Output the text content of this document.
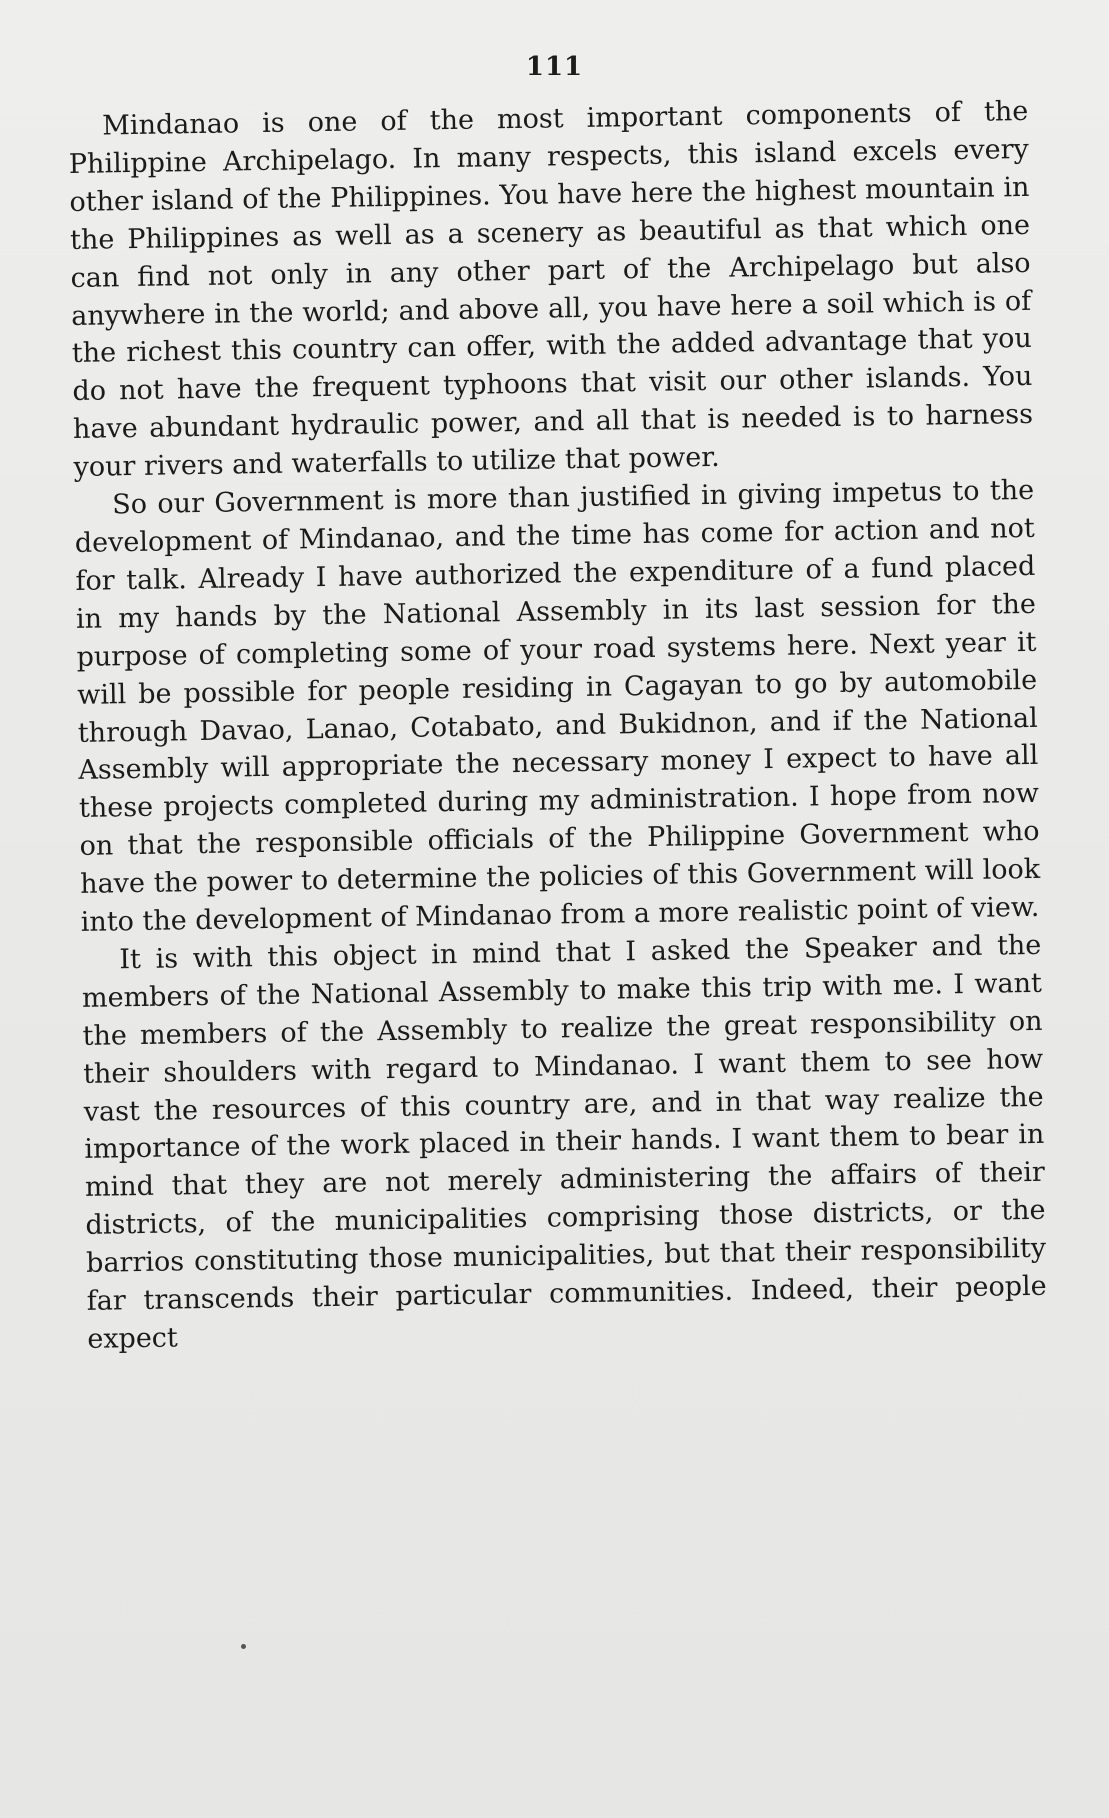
111

Mindanao is one of the most important components of the Philippine Archipelago. In many respects, this island excels every other island of the Philippines. You have here the highest mountain in the Philippines as well as a scenery as beautiful as that which one can find not only in any other part of the Archipelago but also anywhere in the world; and above all, you have here a soil which is of the richest this country can offer, with the added advantage that you do not have the frequent typhoons that visit our other islands. You have abundant hydraulic power, and all that is needed is to harness your rivers and waterfalls to utilize that power.

So our Government is more than justified in giving impetus to the development of Mindanao, and the time has come for action and not for talk. Already I have authorized the expenditure of a fund placed in my hands by the National Assembly in its last session for the purpose of completing some of your road systems here. Next year it will be possible for people residing in Cagayan to go by automobile through Davao, Lanao, Cotabato, and Bukidnon, and if the National Assembly will appropriate the necessary money I expect to have all these projects completed during my administration. I hope from now on that the responsible officials of the Philippine Government who have the power to determine the policies of this Government will look into the development of Mindanao from a more realistic point of view.

It is with this object in mind that I asked the Speaker and the members of the National Assembly to make this trip with me. I want the members of the Assembly to realize the great responsibility on their shoulders with regard to Mindanao. I want them to see how vast the resources of this country are, and in that way realize the importance of the work placed in their hands. I want them to bear in mind that they are not merely administering the affairs of their districts, of the municipalities comprising those districts, or the barrios constituting those municipalities, but that their responsibility far transcends their particular communities. Indeed, their people expect
